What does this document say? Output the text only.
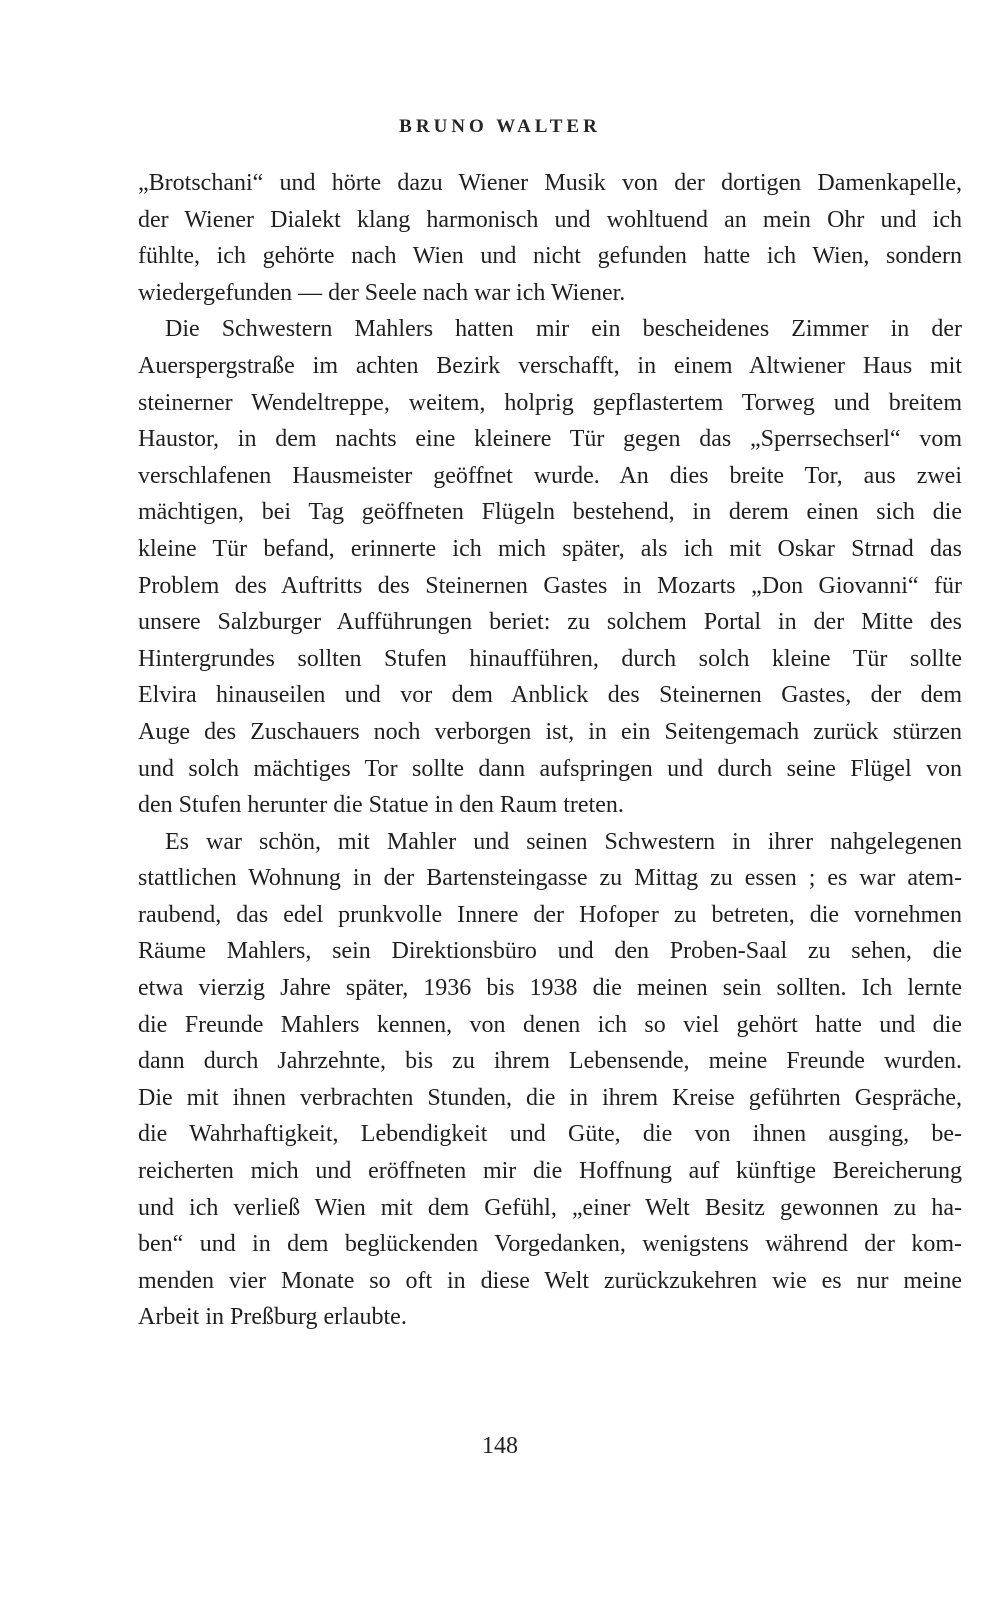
BRUNO WALTER
„Brotschani“ und hörte dazu Wiener Musik von der dortigen Damenkapelle,
der Wiener Dialekt klang harmonisch und wohltuend an mein Ohr und ich
fühlte, ich gehörte nach Wien und nicht gefunden hatte ich Wien, sondern
wiedergefunden — der Seele nach war ich Wiener.
Die Schwestern Mahlers hatten mir ein bescheidenes Zimmer in der
Auerspergstraße im achten Bezirk verschafft, in einem Altwiener Haus mit
steinerner Wendeltreppe, weitem, holprig gepflastertem Torweg und breitem
Haustor, in dem nachts eine kleinere Tür gegen das „Sperrsechserl“ vom
verschlafenen Hausmeister geöffnet wurde. An dies breite Tor, aus zwei
mächtigen, bei Tag geöffneten Flügeln bestehend, in derem einen sich die
kleine Tür befand, erinnerte ich mich später, als ich mit Oskar Strnad das
Problem des Auftritts des Steinernen Gastes in Mozarts „Don Giovanni“ für
unsere Salzburger Aufführungen beriet: zu solchem Portal in der Mitte des
Hintergrundes sollten Stufen hinaufführen, durch solch kleine Tür sollte
Elvira hinauseilen und vor dem Anblick des Steinernen Gastes, der dem
Auge des Zuschauers noch verborgen ist, in ein Seitengemach zurück stürzen
und solch mächtiges Tor sollte dann aufspringen und durch seine Flügel von
den Stufen herunter die Statue in den Raum treten.
Es war schön, mit Mahler und seinen Schwestern in ihrer nahgelegenen
stattlichen Wohnung in der Bartensteingasse zu Mittag zu essen ; es war atem-
raubend, das edel prunkvolle Innere der Hofoper zu betreten, die vornehmen
Räume Mahlers, sein Direktionsbüro und den Proben-Saal zu sehen, die
etwa vierzig Jahre später, 1936 bis 1938 die meinen sein sollten. Ich lernte
die Freunde Mahlers kennen, von denen ich so viel gehört hatte und die
dann durch Jahrzehnte, bis zu ihrem Lebensende, meine Freunde wurden.
Die mit ihnen verbrachten Stunden, die in ihrem Kreise geführten Gespräche,
die Wahrhaftigkeit, Lebendigkeit und Güte, die von ihnen ausging, be-
reicherten mich und eröffneten mir die Hoffnung auf künftige Bereicherung
und ich verließ Wien mit dem Gefühl, „einer Welt Besitz gewonnen zu ha-
ben“ und in dem beglückenden Vorgedanken, wenigstens während der kom-
menden vier Monate so oft in diese Welt zurückzukehren wie es nur meine
Arbeit in Preßburg erlaubte.
148
